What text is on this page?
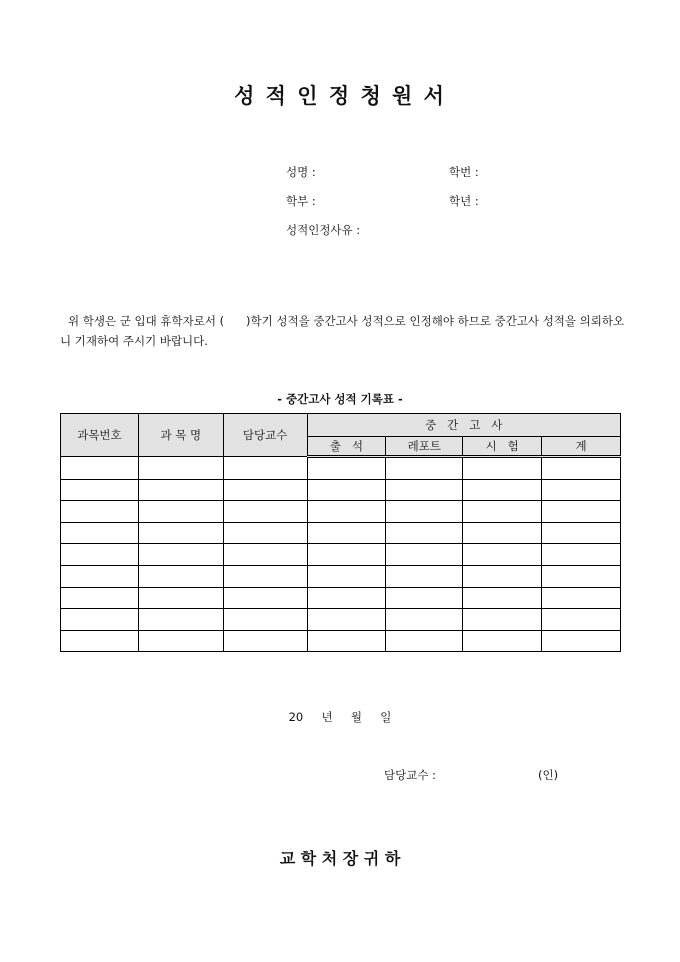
성 적 인 정 청 원 서
성명 :	학번 :
학부 :	학년 :
성적인정사유 :
위 학생은 군 입대 휴학자로서 (      )학기 성적을 중간고사 성적으로 인정해야 하므로 중간고사 성적을 의뢰하오니 기재하여 주시기 바랍니다.
- 중간고사 성적 기록표 -
과목번호	과 목 명	담당교수	중   간   고   사			
			출   석	레포트	시   험	계

20     년     월     일
담당교수 :	(인)
교 학 처 장 귀 하
